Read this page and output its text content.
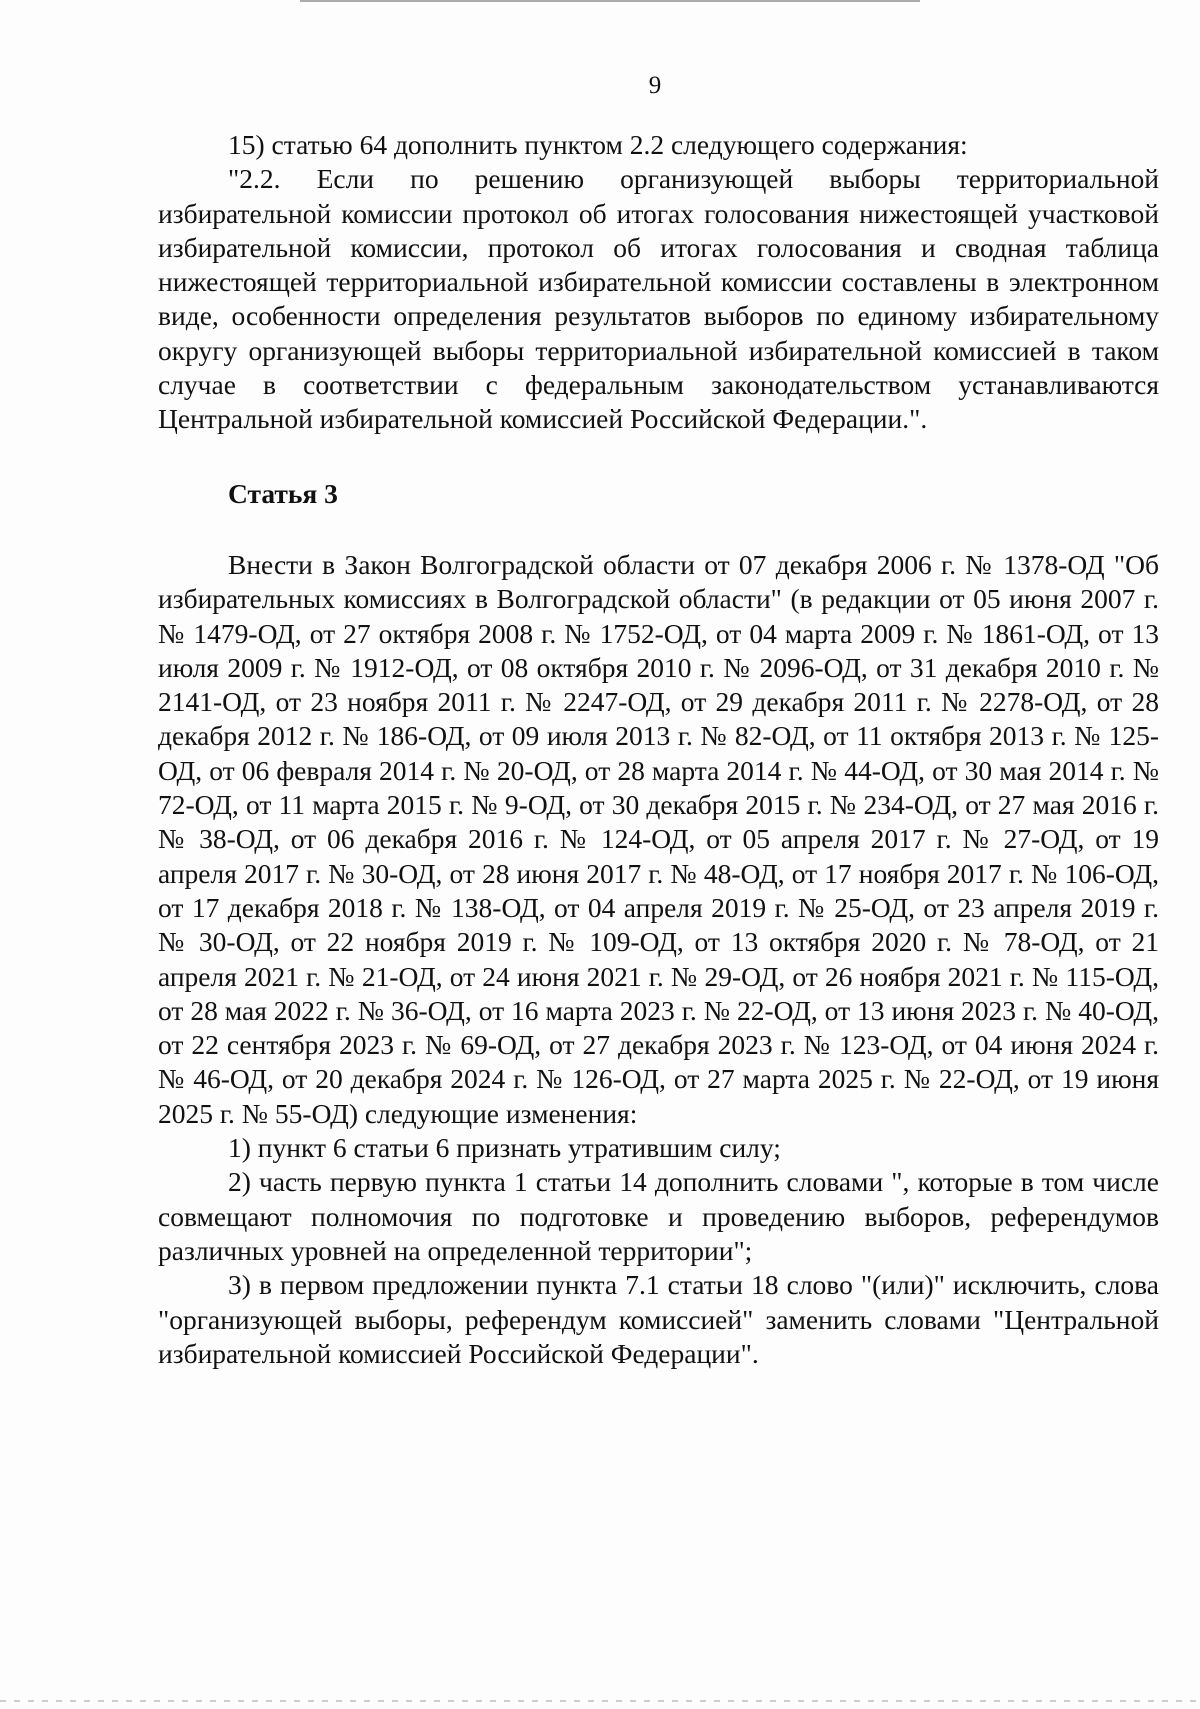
9

15) статью 64 дополнить пунктом 2.2 следующего содержания:

"2.2. Если по решению организующей выборы территориальной избирательной комиссии протокол об итогах голосования нижестоящей участковой избирательной комиссии, протокол об итогах голосования и сводная таблица нижестоящей территориальной избирательной комиссии составлены в электронном виде, особенности определения результатов выборов по единому избирательному округу организующей выборы территориальной избирательной комиссией в таком случае в соответствии с федеральным законодательством устанавливаются Центральной избирательной комиссией Российской Федерации.".

Статья 3

Внести в Закон Волгоградской области от 07 декабря 2006 г. № 1378-ОД "Об избирательных комиссиях в Волгоградской области" (в редакции от 05 июня 2007 г. № 1479-ОД, от 27 октября 2008 г. № 1752-ОД, от 04 марта 2009 г. № 1861-ОД, от 13 июля 2009 г. № 1912-ОД, от 08 октября 2010 г. № 2096-ОД, от 31 декабря 2010 г. № 2141-ОД, от 23 ноября 2011 г. № 2247-ОД, от 29 декабря 2011 г. № 2278-ОД, от 28 декабря 2012 г. № 186-ОД, от 09 июля 2013 г. № 82-ОД, от 11 октября 2013 г. № 125-ОД, от 06 февраля 2014 г. № 20-ОД, от 28 марта 2014 г. № 44-ОД, от 30 мая 2014 г. № 72-ОД, от 11 марта 2015 г. № 9-ОД, от 30 декабря 2015 г. № 234-ОД, от 27 мая 2016 г. № 38-ОД, от 06 декабря 2016 г. № 124-ОД, от 05 апреля 2017 г. № 27-ОД, от 19 апреля 2017 г. № 30-ОД, от 28 июня 2017 г. № 48-ОД, от 17 ноября 2017 г. № 106-ОД, от 17 декабря 2018 г. № 138-ОД, от 04 апреля 2019 г. № 25-ОД, от 23 апреля 2019 г. № 30-ОД, от 22 ноября 2019 г. № 109-ОД, от 13 октября 2020 г. № 78-ОД, от 21 апреля 2021 г. № 21-ОД, от 24 июня 2021 г. № 29-ОД, от 26 ноября 2021 г. № 115-ОД, от 28 мая 2022 г. № 36-ОД, от 16 марта 2023 г. № 22-ОД, от 13 июня 2023 г. № 40-ОД, от 22 сентября 2023 г. № 69-ОД, от 27 декабря 2023 г. № 123-ОД, от 04 июня 2024 г. № 46-ОД, от 20 декабря 2024 г. № 126-ОД, от 27 марта 2025 г. № 22-ОД, от 19 июня 2025 г. № 55-ОД) следующие изменения:

1) пункт 6 статьи 6 признать утратившим силу;

2) часть первую пункта 1 статьи 14 дополнить словами ", которые в том числе совмещают полномочия по подготовке и проведению выборов, референдумов различных уровней на определенной территории";

3) в первом предложении пункта 7.1 статьи 18 слово "(или)" исключить, слова "организующей выборы, референдум комиссией" заменить словами "Центральной избирательной комиссией Российской Федерации".
